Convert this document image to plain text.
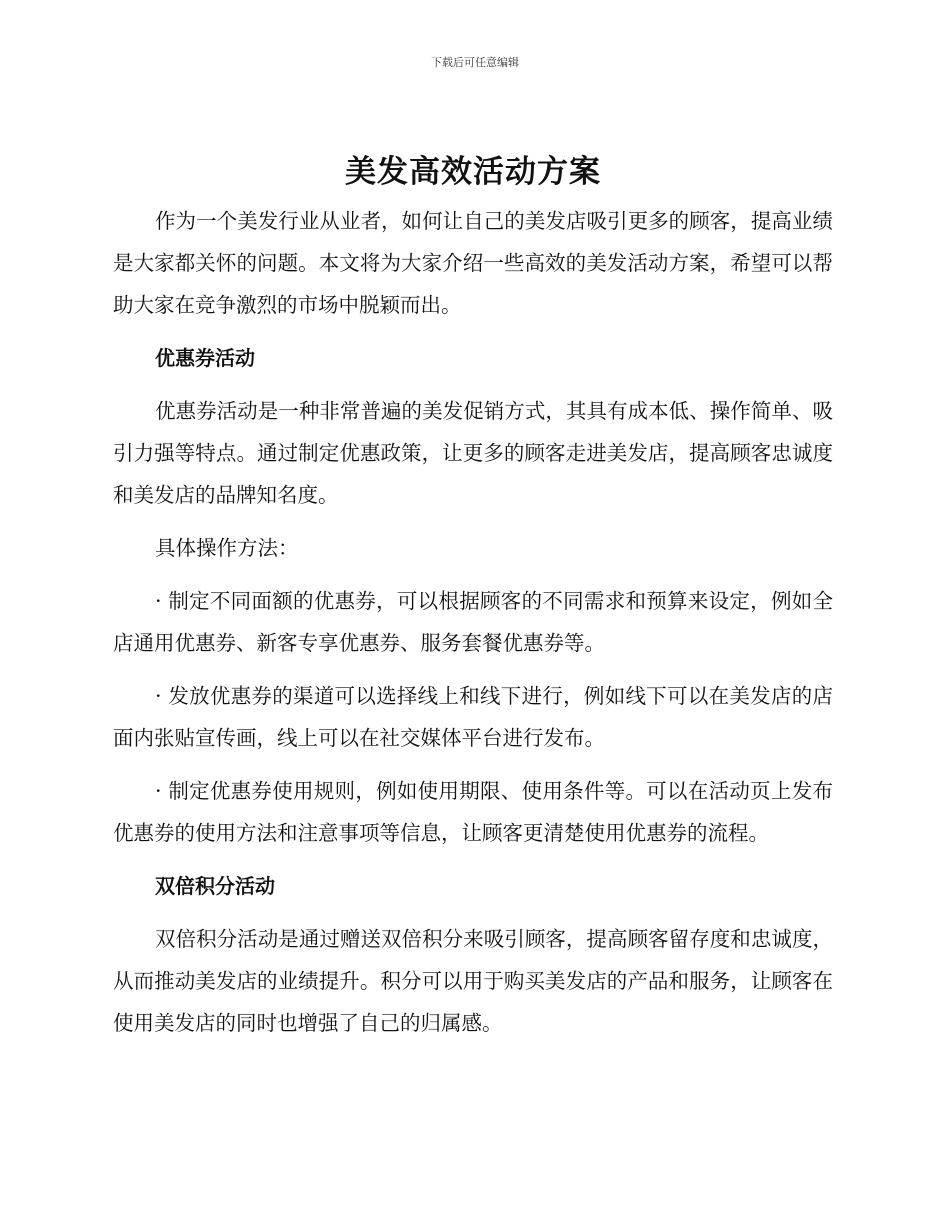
下载后可任意编辑
美发高效活动方案

作为一个美发行业从业者，如何让自己的美发店吸引更多的顾客，提高业绩是大家都关怀的问题。本文将为大家介绍一些高效的美发活动方案，希望可以帮助大家在竞争激烈的市场中脱颖而出。

优惠券活动

优惠券活动是一种非常普遍的美发促销方式，其具有成本低、操作简单、吸引力强等特点。通过制定优惠政策，让更多的顾客走进美发店，提高顾客忠诚度和美发店的品牌知名度。

具体操作方法：

· 制定不同面额的优惠券，可以根据顾客的不同需求和预算来设定，例如全店通用优惠券、新客专享优惠券、服务套餐优惠券等。

· 发放优惠券的渠道可以选择线上和线下进行，例如线下可以在美发店的店面内张贴宣传画，线上可以在社交媒体平台进行发布。

· 制定优惠券使用规则，例如使用期限、使用条件等。可以在活动页上发布优惠券的使用方法和注意事项等信息，让顾客更清楚使用优惠券的流程。

双倍积分活动

双倍积分活动是通过赠送双倍积分来吸引顾客，提高顾客留存度和忠诚度，从而推动美发店的业绩提升。积分可以用于购买美发店的产品和服务，让顾客在使用美发店的同时也增强了自己的归属感。
